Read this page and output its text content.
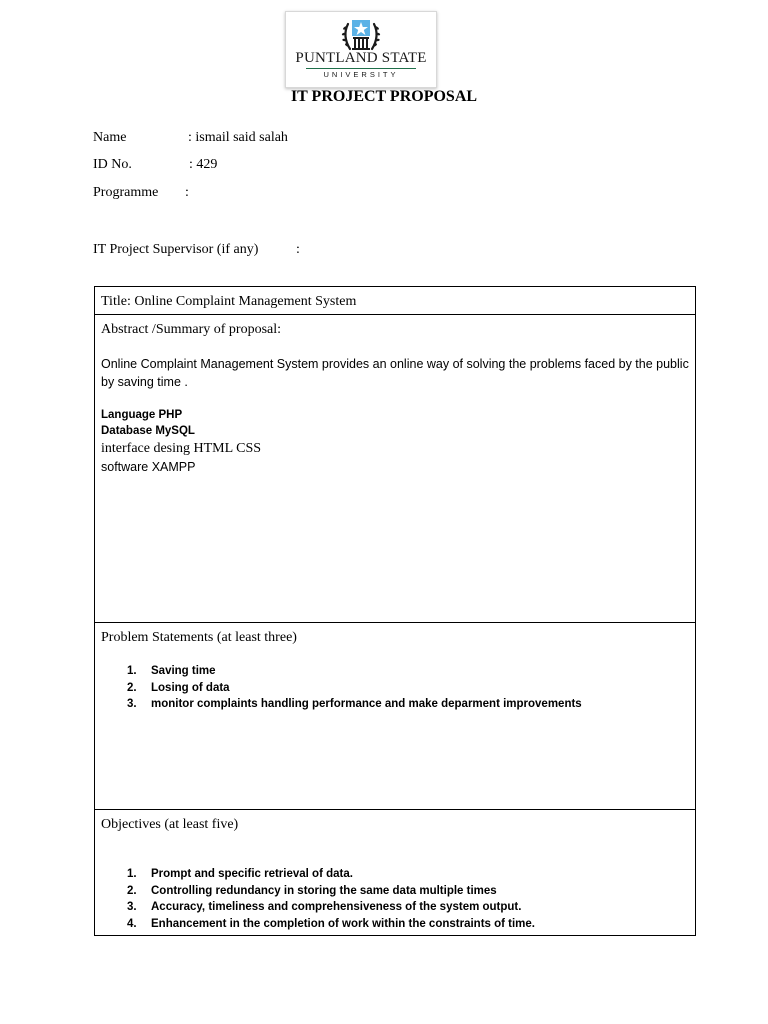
PUNTLAND STATE
UNIVERSITY
IT PROJECT PROPOSAL
Name	: ismail said salah
ID No.	: 429
Programme :
IT Project Supervisor (if any)	:
Title: Online Complaint Management System
Abstract /Summary of proposal:
Online Complaint Management System provides an online way of solving the problems faced by the public by saving time .
Language PHP
Database MySQL
interface desing HTML CSS
software XAMPP
Problem Statements (at least three)
1. Saving time
2. Losing of data
3. monitor complaints handling performance and make deparment improvements
Objectives (at least five)
1. Prompt and specific retrieval of data.
2. Controlling redundancy in storing the same data multiple times
3. Accuracy, timeliness and comprehensiveness of the system output.
4. Enhancement in the completion of work within the constraints of time.
